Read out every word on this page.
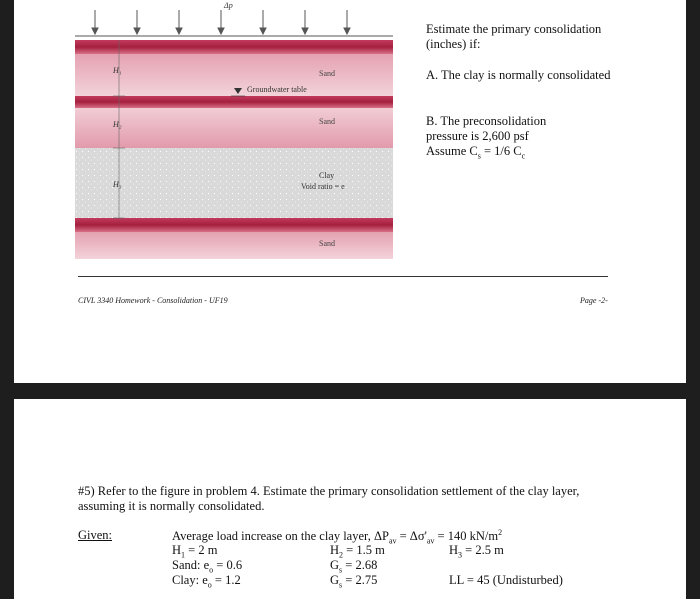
Δp
H₁
H₂
H₃
Sand
Groundwater table
Sand
Clay
Void ratio = e
Sand
Estimate the primary consolidation (inches) if:
A. The clay is normally consolidated
B. The preconsolidation
pressure is 2,600 psf
Assume $C_s = 1/6$ $C_c$
CIVL 3340 Homework - Consolidation - UF19	Page -2-
#5) Refer to the figure in problem 4. Estimate the primary consolidation settlement of the clay layer, assuming it is normally consolidated.
Given:	Average load increase on the clay layer, $\Delta P_{av} = \Delta\sigma'_{av} = 140$ $kN/m^2$
$H_1 = 2$ m	$H_2 = 1.5$ m	$H_3 = 2.5$ m
Sand: $e_o = 0.6$	$G_s = 2.68$
Clay: $e_o = 1.2$	$G_s = 2.75$	LL = 45 (Undisturbed)
